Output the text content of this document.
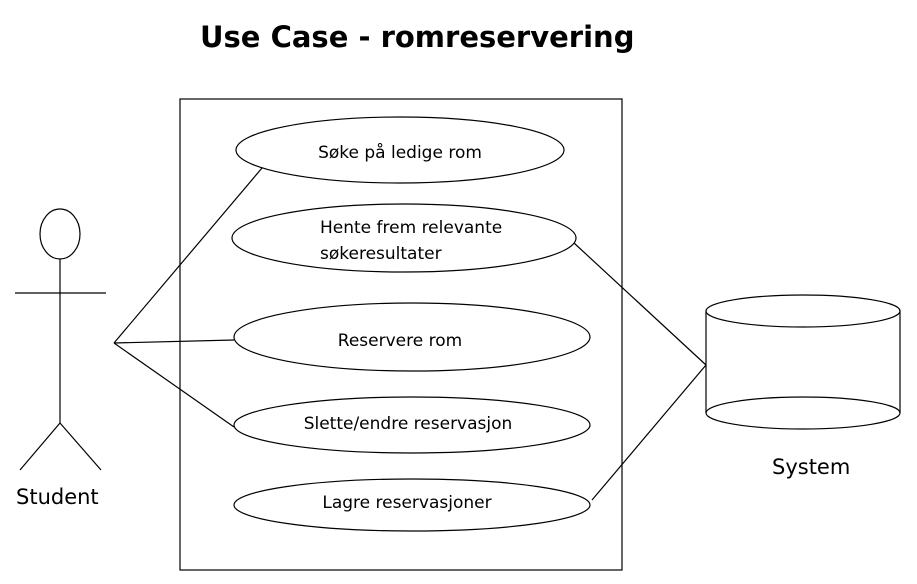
Use Case - romreservering
Søke på ledige rom
Hente frem relevante
søkeresultater
Reservere rom
Slette/endre reservasjon
Lagre reservasjoner
Student
System
